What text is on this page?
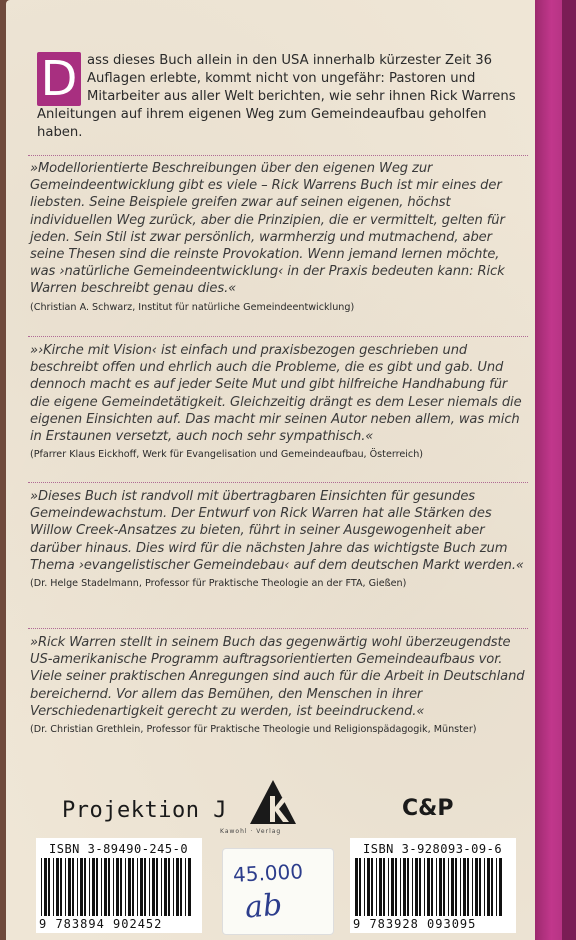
D ass dieses Buch allein in den USA innerhalb kürzester Zeit 36 Auflagen erlebte, kommt nicht von ungefähr: Pastoren und Mitarbeiter aus aller Welt berichten, wie sehr ihnen Rick Warrens Anleitungen auf ihrem eigenen Weg zum Gemeindeaufbau geholfen haben.
»Modellorientierte Beschreibungen über den eigenen Weg zur Gemeindeentwicklung gibt es viele – Rick Warrens Buch ist mir eines der liebsten. Seine Beispiele greifen zwar auf seinen eigenen, höchst individuellen Weg zurück, aber die Prinzipien, die er vermittelt, gelten für jeden. Sein Stil ist zwar persönlich, warmherzig und mutmachend, aber seine Thesen sind die reinste Provokation. Wenn jemand lernen möchte, was ›natürliche Gemeindeentwicklung‹ in der Praxis bedeuten kann: Rick Warren beschreibt genau dies.«
(Christian A. Schwarz, Institut für natürliche Gemeindeentwicklung)
»›Kirche mit Vision‹ ist einfach und praxisbezogen geschrieben und beschreibt offen und ehrlich auch die Probleme, die es gibt und gab. Und dennoch macht es auf jeder Seite Mut und gibt hilfreiche Handhabung für die eigene Gemeindetätigkeit. Gleichzeitig drängt es dem Leser niemals die eigenen Einsichten auf. Das macht mir seinen Autor neben allem, was mich in Erstaunen versetzt, auch noch sehr sympathisch.«
(Pfarrer Klaus Eickhoff, Werk für Evangelisation und Gemeindeaufbau, Österreich)
»Dieses Buch ist randvoll mit übertragbaren Einsichten für gesundes Gemeindewachstum. Der Entwurf von Rick Warren hat alle Stärken des Willow Creek-Ansatzes zu bieten, führt in seiner Ausgewogenheit aber darüber hinaus. Dies wird für die nächsten Jahre das wichtigste Buch zum Thema ›evangelistischer Gemeindebau‹ auf dem deutschen Markt werden.«
(Dr. Helge Stadelmann, Professor für Praktische Theologie an der FTA, Gießen)
»Rick Warren stellt in seinem Buch das gegenwärtig wohl überzeugendste US-amerikanische Programm auftragsorientierten Gemeindeaufbaus vor. Viele seiner praktischen Anregungen sind auch für die Arbeit in Deutschland bereichernd. Vor allem das Bemühen, den Menschen in ihrer Verschiedenartigkeit gerecht zu werden, ist beeindruckend.«
(Dr. Christian Grethlein, Professor für Praktische Theologie und Religionspädagogik, Münster)
Projektion J
Kawohl · Verlag
C&P
ISBN 3-89490-245-0
9 783894 902452
45.000
ab
ISBN 3-928093-09-6
9 783928 093095
